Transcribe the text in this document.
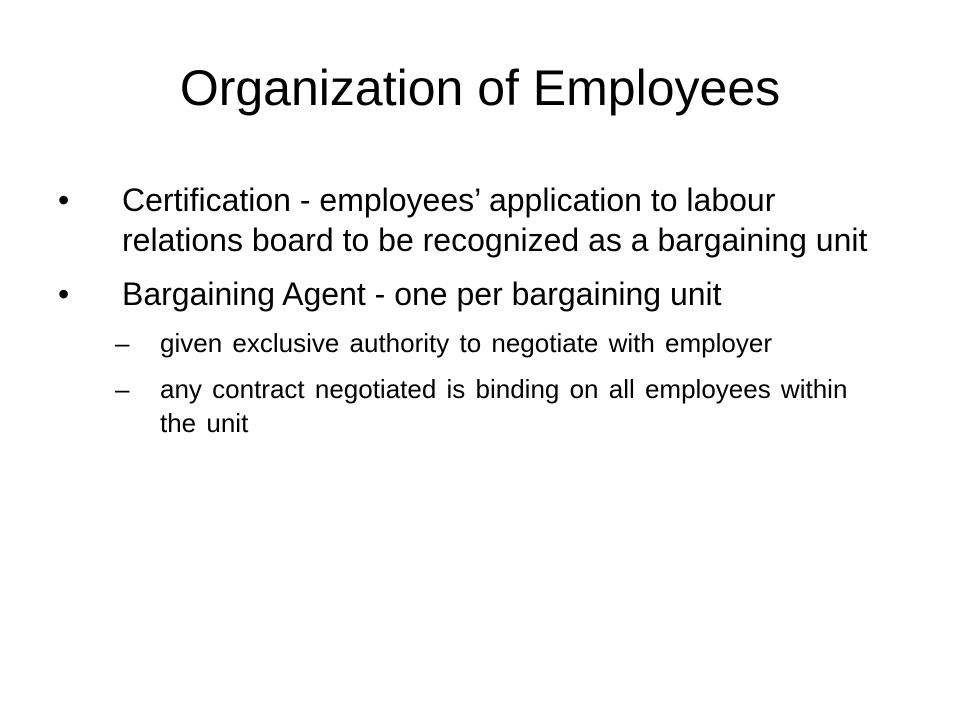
Organization of Employees
• Certification - employees’ application to labour relations board to be recognized as a bargaining unit
• Bargaining Agent - one per bargaining unit
– given exclusive authority to negotiate with employer
– any contract negotiated is binding on all employees within the unit
